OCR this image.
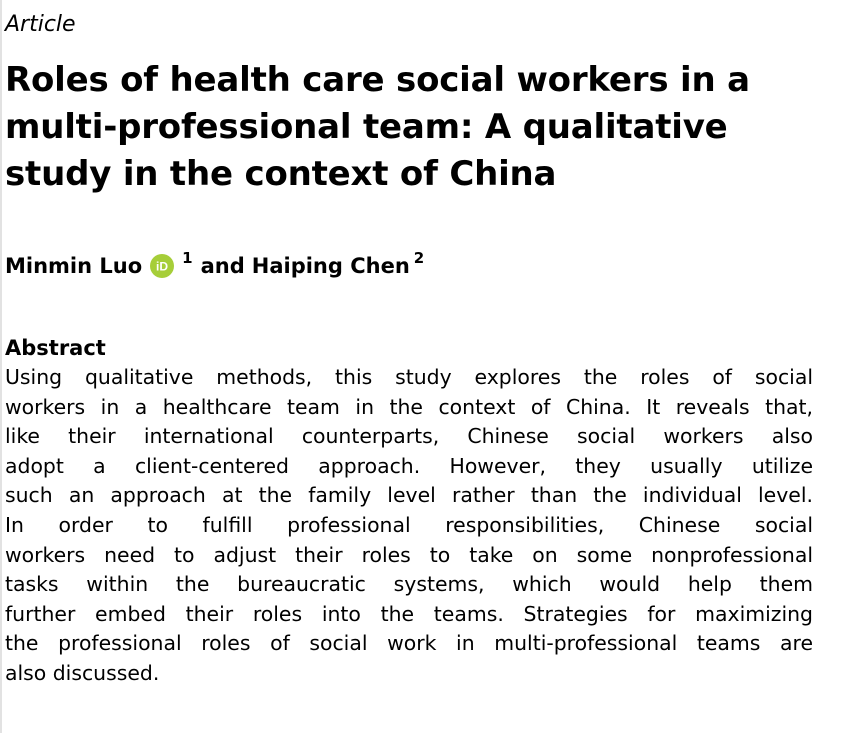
Article
Roles of health care social workers in a
multi-professional team: A qualitative
study in the context of China
Minmin Luo iD 1 and Haiping Chen 2
Abstract

Using qualitative methods, this study explores the roles of social
workers in a healthcare team in the context of China. It reveals that,
like their international counterparts, Chinese social workers also
adopt a client-centered approach. However, they usually utilize
such an approach at the family level rather than the individual level.
In order to fulfill professional responsibilities, Chinese social
workers need to adjust their roles to take on some nonprofessional
tasks within the bureaucratic systems, which would help them
further embed their roles into the teams. Strategies for maximizing
the professional roles of social work in multi-professional teams are
also discussed.
